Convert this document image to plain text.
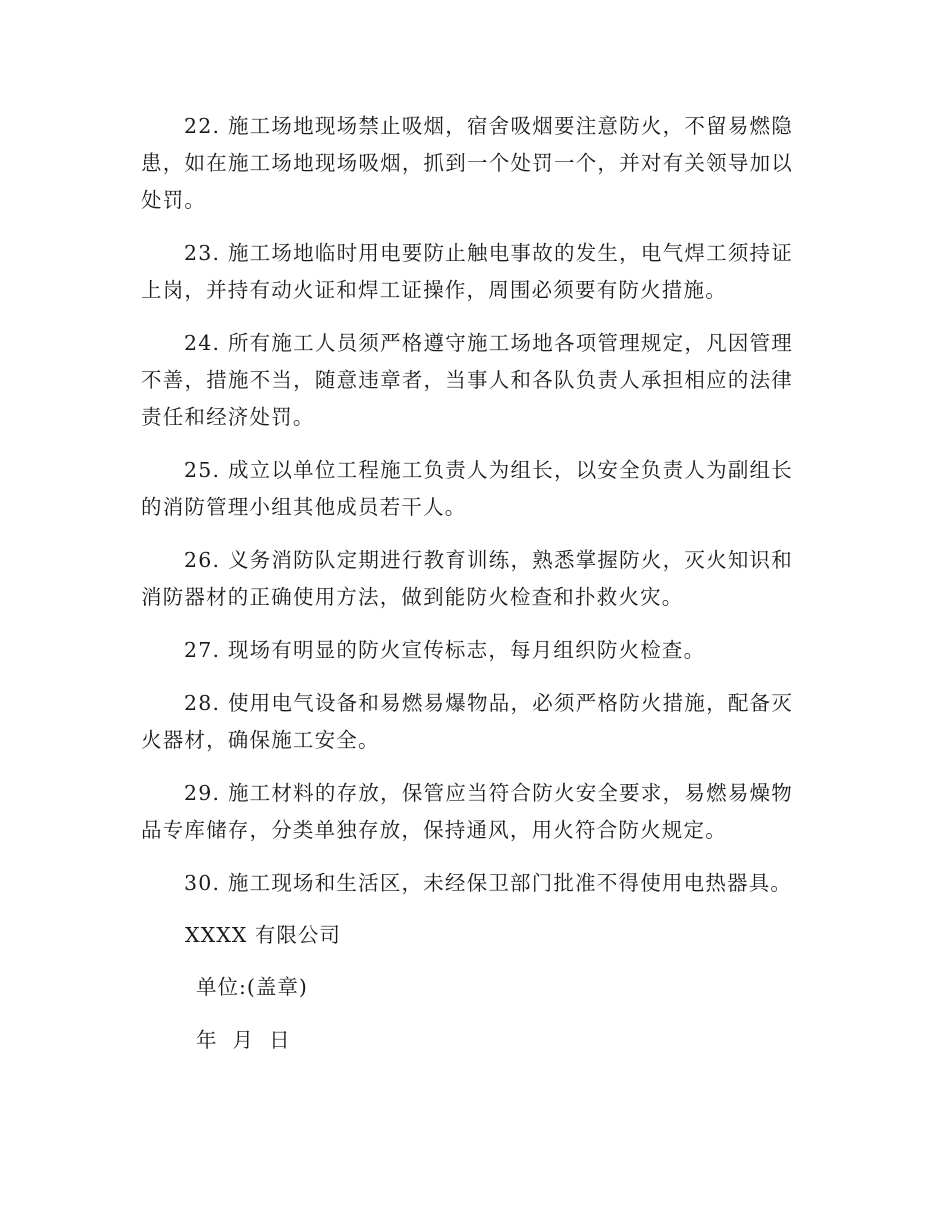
22. 施工场地现场禁止吸烟，宿舍吸烟要注意防火，不留易燃隐患，如在施工场地现场吸烟，抓到一个处罚一个，并对有关领导加以处罚。

23. 施工场地临时用电要防止触电事故的发生，电气焊工须持证上岗，并持有动火证和焊工证操作，周围必须要有防火措施。

24. 所有施工人员须严格遵守施工场地各项管理规定，凡因管理不善，措施不当，随意违章者，当事人和各队负责人承担相应的法律责任和经济处罚。

25. 成立以单位工程施工负责人为组长，以安全负责人为副组长的消防管理小组其他成员若干人。

26. 义务消防队定期进行教育训练，熟悉掌握防火，灭火知识和消防器材的正确使用方法，做到能防火检查和扑救火灾。

27. 现场有明显的防火宣传标志，每月组织防火检查。

28. 使用电气设备和易燃易爆物品，必须严格防火措施，配备灭火器材，确保施工安全。

29. 施工材料的存放，保管应当符合防火安全要求，易燃易燥物品专库储存，分类单独存放，保持通风，用火符合防火规定。

30. 施工现场和生活区，未经保卫部门批准不得使用电热器具。

XXXX 有限公司

单位:(盖章)

年  月  日
